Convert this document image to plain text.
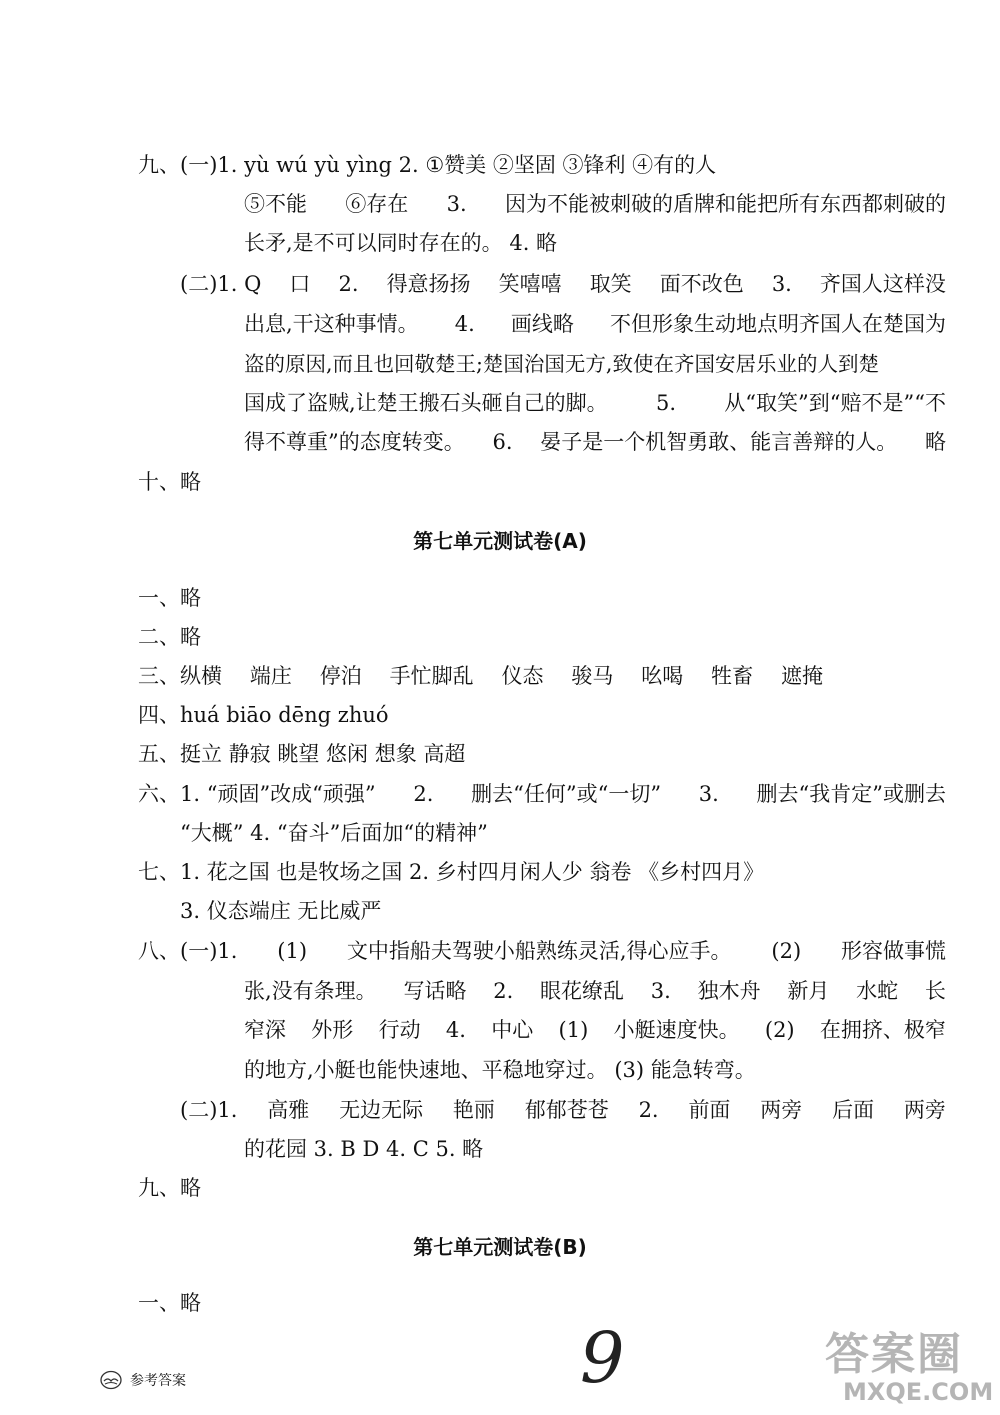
九、(一)1. yù wú yù yìng 2. ①赞美 ②坚固 ③锋利 ④有的人
⑤不能 ⑥存在 3. 因为不能被刺破的盾牌和能把所有东西都刺破的
长矛,是不可以同时存在的。 4. 略
(二)1. Q 口 2. 得意扬扬 笑嘻嘻 取笑 面不改色 3. 齐国人这样没
出息,干这种事情。 4. 画线略 不但形象生动地点明齐国人在楚国为
盗的原因,而且也回敬楚王;楚国治国无方,致使在齐国安居乐业的人到楚
国成了盗贼,让楚王搬石头砸自己的脚。 5. 从“取笑”到“赔不是”“不
得不尊重”的态度转变。 6. 晏子是一个机智勇敢、能言善辩的人。 略
十、略
第七单元测试卷(A)
一、略
二、略
三、纵横 端庄 停泊 手忙脚乱 仪态 骏马 吆喝 牲畜 遮掩
四、huá biāo dēng zhuó
五、挺立 静寂 眺望 悠闲 想象 高超
六、1. “顽固”改成“顽强” 2. 删去“任何”或“一切” 3. 删去“我肯定”或删去
“大概” 4. “奋斗”后面加“的精神”
七、1. 花之国 也是牧场之国 2. 乡村四月闲人少 翁卷 《乡村四月》
3. 仪态端庄 无比威严
八、(一)1. (1) 文中指船夫驾驶小船熟练灵活,得心应手。 (2) 形容做事慌
张,没有条理。 写话略 2. 眼花缭乱 3. 独木舟 新月 水蛇 长
窄深 外形 行动 4. 中心 (1) 小艇速度快。 (2) 在拥挤、极窄
的地方,小艇也能快速地、平稳地穿过。 (3) 能急转弯。
(二)1. 高雅 无边无际 艳丽 郁郁苍苍 2. 前面 两旁 后面 两旁
的花园 3. B D 4. C 5. 略
九、略
第七单元测试卷(B)
一、略
参考答案	9	答案圈
MXQE.COM
